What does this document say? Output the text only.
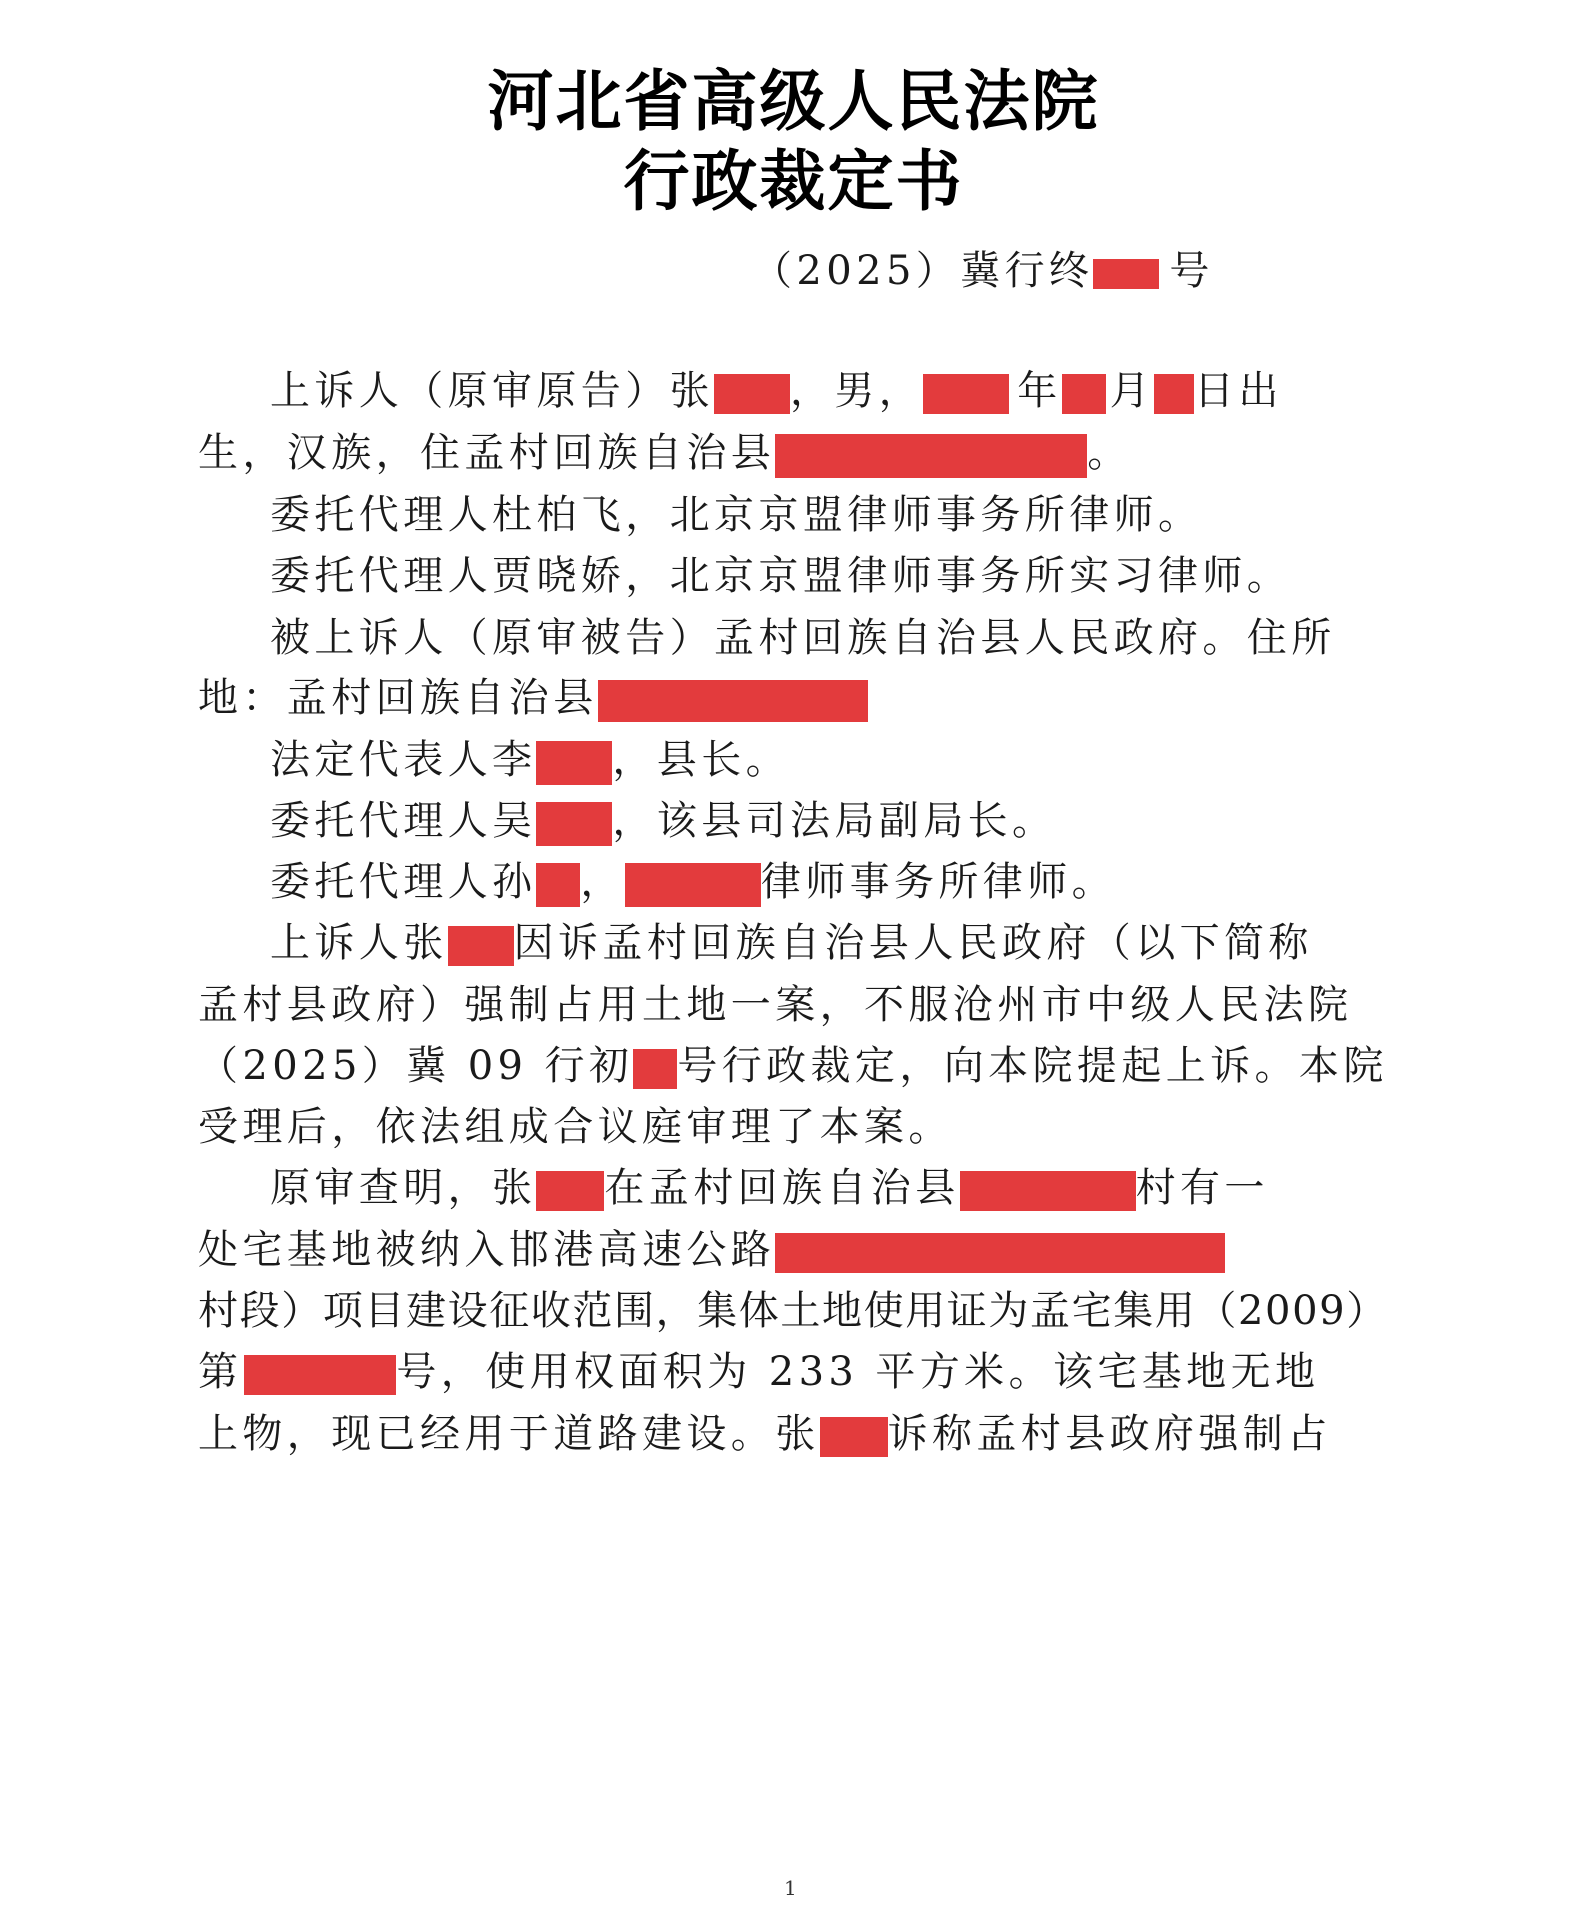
河北省高级人民法院
行政裁定书
（2025）冀行终 号
上诉人（原审原告）张 ，男， 年 月 日出
生，汉族，住孟村回族自治县	。
委托代理人杜柏飞，北京京盟律师事务所律师。
委托代理人贾晓娇，北京京盟律师事务所实习律师。
被上诉人（原审被告）孟村回族自治县人民政府。住所
地：孟村回族自治县
法定代表人李 ，县长。
委托代理人吴 ，该县司法局副局长。
委托代理人孙 ，	律师事务所律师。
上诉人张 因诉孟村回族自治县人民政府（以下简称
孟村县政府）强制占用土地一案，不服沧州市中级人民法院
（2025）冀 09 行初 号行政裁定，向本院提起上诉。本院
受理后，依法组成合议庭审理了本案。
原审查明，张 在孟村回族自治县	村有一
处宅基地被纳入邯港高速公路
村段）项目建设征收范围，集体土地使用证为孟宅集用（2009）
第	号，使用权面积为 233 平方米。该宅基地无地
上物，现已经用于道路建设。张 诉称孟村县政府强制占
1
